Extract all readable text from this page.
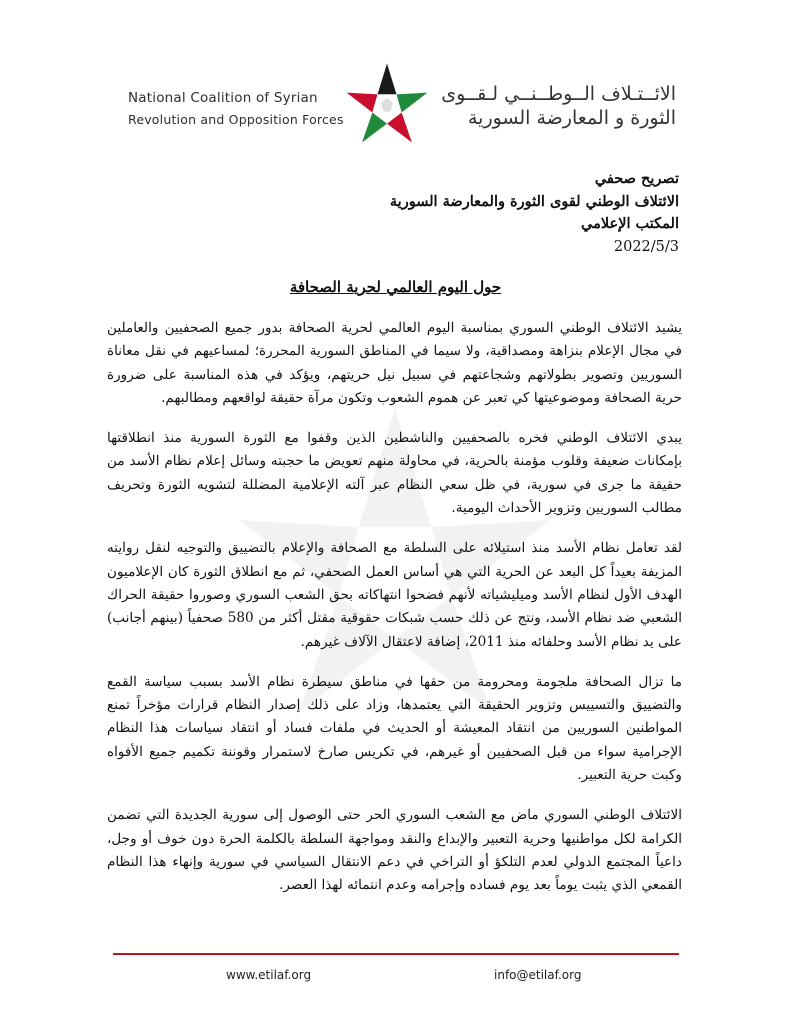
National Coalition of Syrian
Revolution and Opposition Forces
الائــتـلاف الــوطــنــي لـقــوى
الثورة و المعارضة السورية
تصريح صحفي
الائتلاف الوطني لقوى الثورة والمعارضة السورية
المكتب الإعلامي
2022/5/3
حول اليوم العالمي لحرية الصحافة

يشيد الائتلاف الوطني السوري بمناسبة اليوم العالمي لحرية الصحافة بدور جميع الصحفيين والعاملين في مجال الإعلام بنزاهة ومصداقية، ولا سيما في المناطق السورية المحررة؛ لمساعيهم في نقل معاناة السوريين وتصوير بطولاتهم وشجاعتهم في سبيل نيل حريتهم، ويؤكد في هذه المناسبة على ضرورة حرية الصحافة وموضوعيتها كي تعبر عن هموم الشعوب وتكون مرآة حقيقة لواقعهم ومطالبهم.

يبدي الائتلاف الوطني فخره بالصحفيين والناشطين الذين وقفوا مع الثورة السورية منذ انطلاقتها بإمكانات ضعيفة وقلوب مؤمنة بالحرية، في محاولة منهم تعويض ما حجبته وسائل إعلام نظام الأسد من حقيقة ما جرى في سورية، في ظل سعي النظام عبر آلته الإعلامية المضللة لتشويه الثورة وتحريف مطالب السوريين وتزوير الأحداث اليومية.

لقد تعامل نظام الأسد منذ استيلائه على السلطة مع الصحافة والإعلام بالتضييق والتوجيه لنقل روايته المزيفة بعيداً كل البعد عن الحرية التي هي أساس العمل الصحفي، ثم مع انطلاق الثورة كان الإعلاميون الهدف الأول لنظام الأسد وميليشياته لأنهم فضحوا انتهاكاته بحق الشعب السوري وصوروا حقيقة الحراك الشعبي ضد نظام الأسد، ونتج عن ذلك حسب شبكات حقوقية مقتل أكثر من 580 صحفياً (بينهم أجانب) على يد نظام الأسد وحلفائه منذ 2011، إضافة لاعتقال الآلاف غيرهم.

ما تزال الصحافة ملجومة ومحرومة من حقها في مناطق سيطرة نظام الأسد بسبب سياسة القمع والتضييق والتسييس وتزوير الحقيقة التي يعتمدها، وزاد على ذلك إصدار النظام قرارات مؤخراً تمنع المواطنين السوريين من انتقاد المعيشة أو الحديث في ملفات فساد أو انتقاد سياسات هذا النظام الإجرامية سواء من قبل الصحفيين أو غيرهم، في تكريس صارخ لاستمرار وقوننة تكميم جميع الأفواه وكبت حرية التعبير.

الائتلاف الوطني السوري ماض مع الشعب السوري الحر حتى الوصول إلى سورية الجديدة التي تضمن الكرامة لكل مواطنيها وحرية التعبير والإبداع والنقد ومواجهة السلطة بالكلمة الحرة دون خوف أو وجل، داعياً المجتمع الدولي لعدم التلكؤ أو التراخي في دعم الانتقال السياسي في سورية وإنهاء هذا النظام القمعي الذي يثبت يوماً بعد يوم فساده وإجرامه وعدم انتمائه لهذا العصر.

www.etilaf.org	info@etilaf.org
